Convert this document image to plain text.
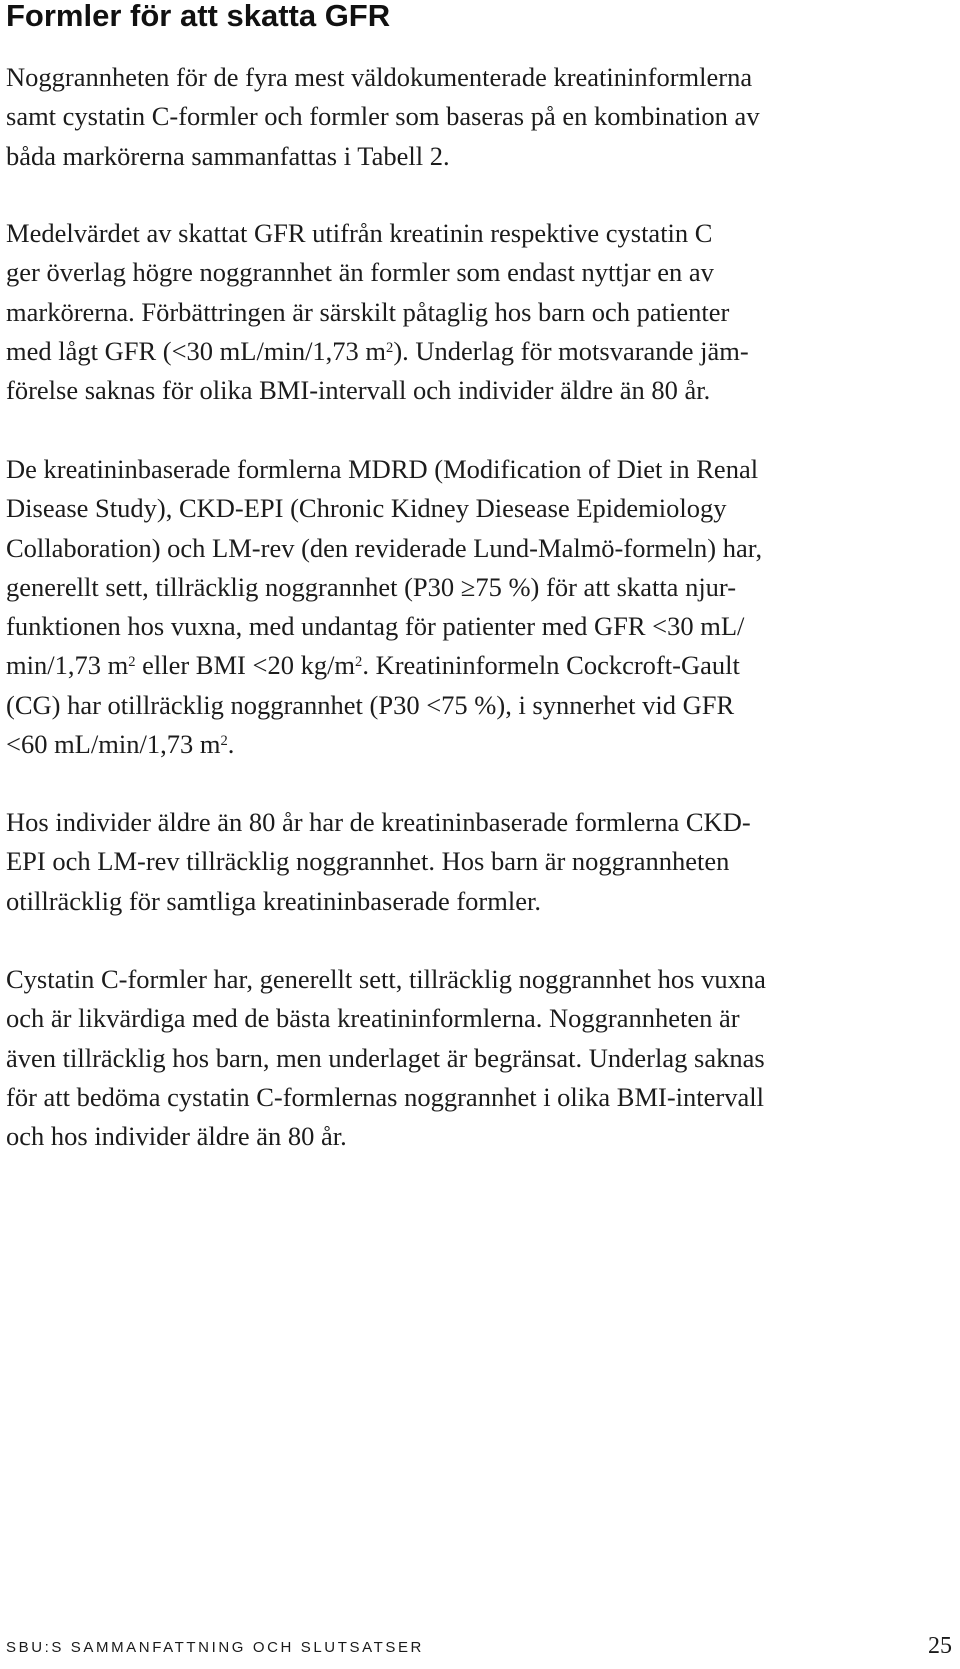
Formler för att skatta GFR

Noggrannheten för de fyra mest väldokumenterade kreatininformlerna
samt cystatin C-formler och formler som baseras på en kombination av
båda markörerna sammanfattas i Tabell 2.

Medelvärdet av skattat GFR utifrån kreatinin respektive cystatin C
ger överlag högre noggrannhet än formler som endast nyttjar en av
markörerna. Förbättringen är särskilt påtaglig hos barn och patienter
med lågt GFR (<30 mL/min/1,73 $m^2$). Underlag för motsvarande jäm-
förelse saknas för olika BMI-intervall och individer äldre än 80 år.

De kreatininbaserade formlerna MDRD (Modification of Diet in Renal
Disease Study), CKD-EPI (Chronic Kidney Diesease Epidemiology
Collaboration) och LM-rev (den reviderade Lund-Malmö-formeln) har,
generellt sett, tillräcklig noggrannhet (P30 ≥75 %) för att skatta njur-
funktionen hos vuxna, med undantag för patienter med GFR <30 mL/
min/1,73 $m^2$ eller BMI <20 $kg/m^2$. Kreatininformeln Cockcroft-Gault
(CG) har otillräcklig noggrannhet (P30 <75 %), i synnerhet vid GFR
<60 mL/min/1,73 $m^2$.

Hos individer äldre än 80 år har de kreatininbaserade formlerna CKD-
EPI och LM-rev tillräcklig noggrannhet. Hos barn är noggrannheten
otillräcklig för samtliga kreatininbaserade formler.

Cystatin C-formler har, generellt sett, tillräcklig noggrannhet hos vuxna
och är likvärdiga med de bästa kreatininformlerna. Noggrannheten är
även tillräcklig hos barn, men underlaget är begränsat. Underlag saknas
för att bedöma cystatin C-formlernas noggrannhet i olika BMI-intervall
och hos individer äldre än 80 år.

SBU:S SAMMANFATTNING OCH SLUTSATSER	25
